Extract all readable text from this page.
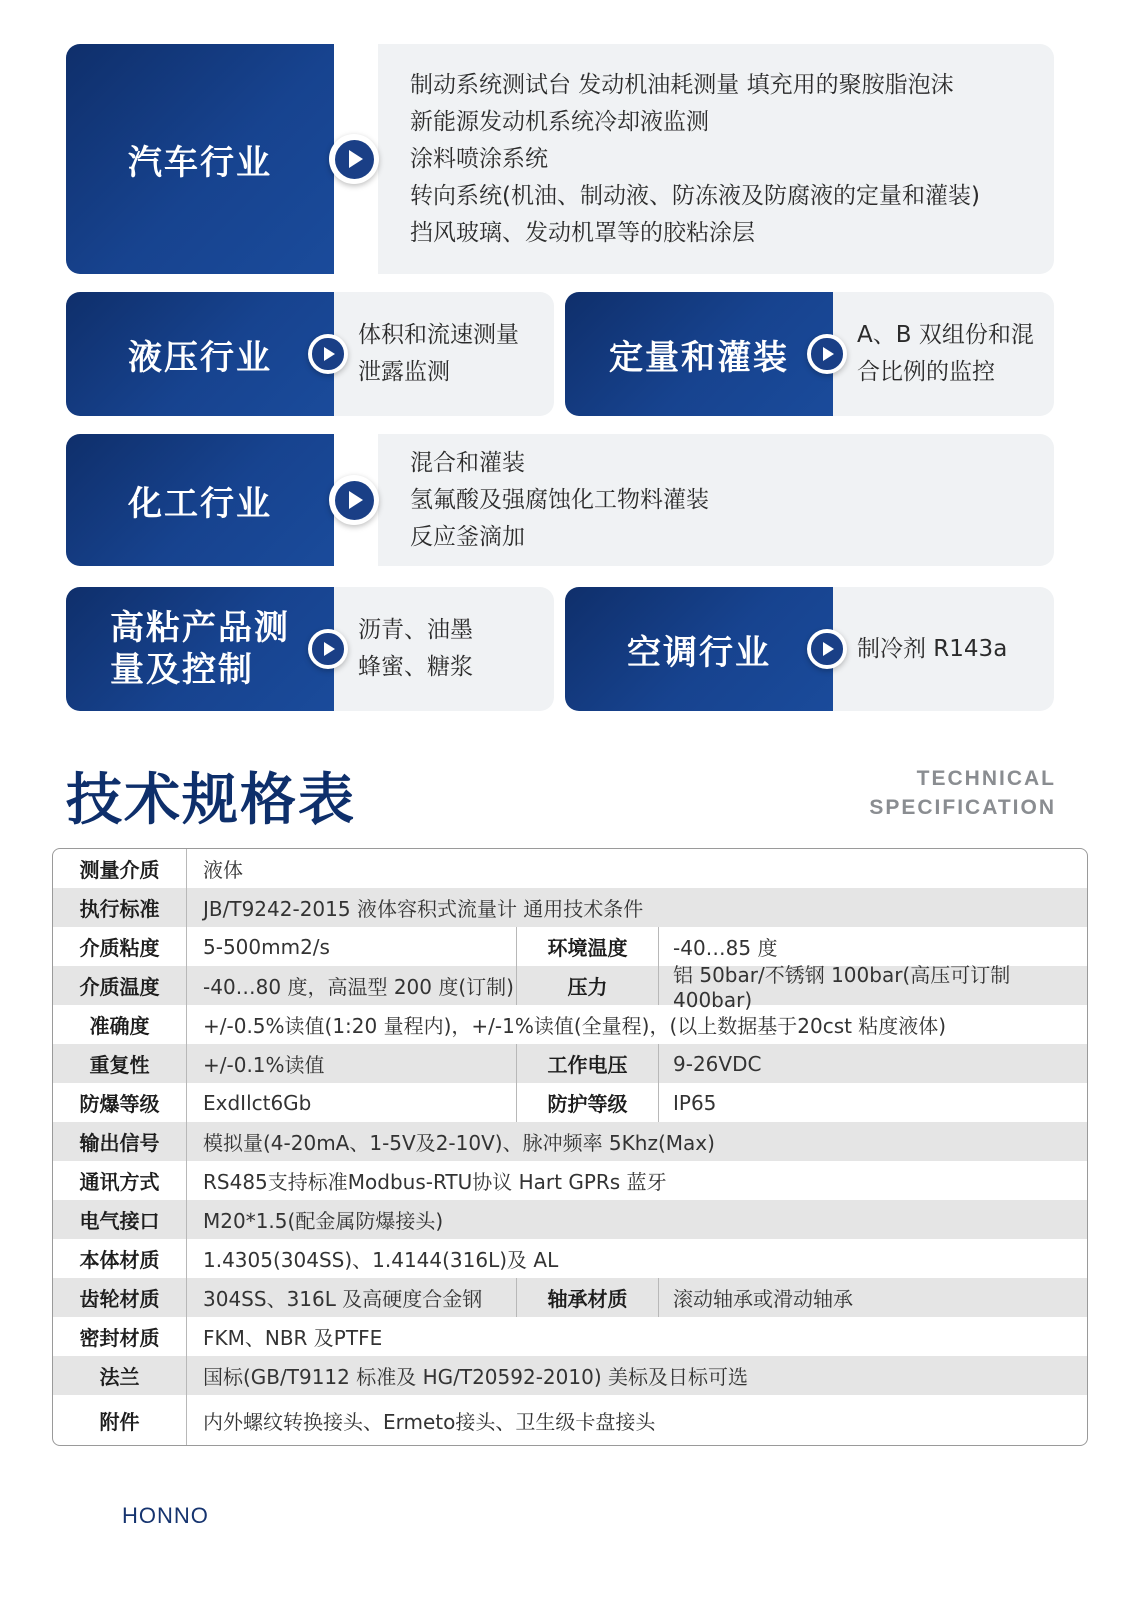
汽车行业
制动系统测试台 发动机油耗测量 填充用的聚胺脂泡沫
新能源发动机系统冷却液监测
涂料喷涂系统
转向系统(机油、制动液、防冻液及防腐液的定量和灌装)
挡风玻璃、发动机罩等的胶粘涂层
液压行业
体积和流速测量
泄露监测	定量和灌装
A、B 双组份和混
合比例的监控
化工行业
混合和灌装
氢氟酸及强腐蚀化工物料灌装
反应釜滴加
高粘产品测
量及控制
沥青、油墨
蜂蜜、糖浆	空调行业	制冷剂 R143a
技术规格表	TECHNICAL
SPECIFICATION
测量介质	液体
执行标准	JB/T9242-2015 液体容积式流量计 通用技术条件
介质粘度	5-500mm2/s	环境温度	-40…85 度
介质温度	-40…80 度，高温型 200 度(订制)	压力	铝 50bar/不锈钢 100bar(高压可订制 400bar)
准确度	+/-0.5%读值(1:20 量程内)，+/-1%读值(全量程)，(以上数据基于20cst 粘度液体)
重复性	+/-0.1%读值	工作电压	9-26VDC
防爆等级	ExdIlct6Gb	防护等级	IP65
输出信号	模拟量(4-20mA、1-5V及2-10V)、脉冲频率 5Khz(Max)
通讯方式	RS485支持标准Modbus-RTU协议 Hart GPRs 蓝牙
电气接口	M20*1.5(配金属防爆接头)
本体材质	1.4305(304SS)、1.4144(316L)及 AL
齿轮材质	304SS、316L 及高硬度合金钢	轴承材质	滚动轴承或滑动轴承
密封材质	FKM、NBR 及PTFE
法兰	国标(GB/T9112 标准及 HG/T20592-2010) 美标及日标可选
附件	内外螺纹转换接头、Ermeto接头、卫生级卡盘接头
HONNO 37
